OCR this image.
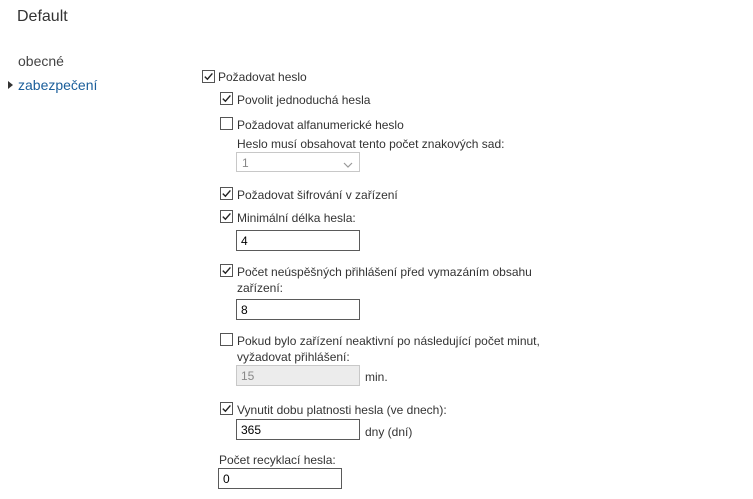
Default
obecné
zabezpečení	Požadovat heslo
Povolit jednoduchá hesla
Požadovat alfanumerické heslo
Heslo musí obsahovat tento počet znakových sad:
1
Požadovat šifrování v zařízení
Minimální délka hesla:
4
Počet neúspěšných přihlášení před vymazáním obsahu
zařízení:
8
Pokud bylo zařízení neaktivní po následující počet minut,
vyžadovat přihlášení:
15
min.
Vynutit dobu platnosti hesla (ve dnech):
365
dny (dní)
Počet recyklací hesla:
0
